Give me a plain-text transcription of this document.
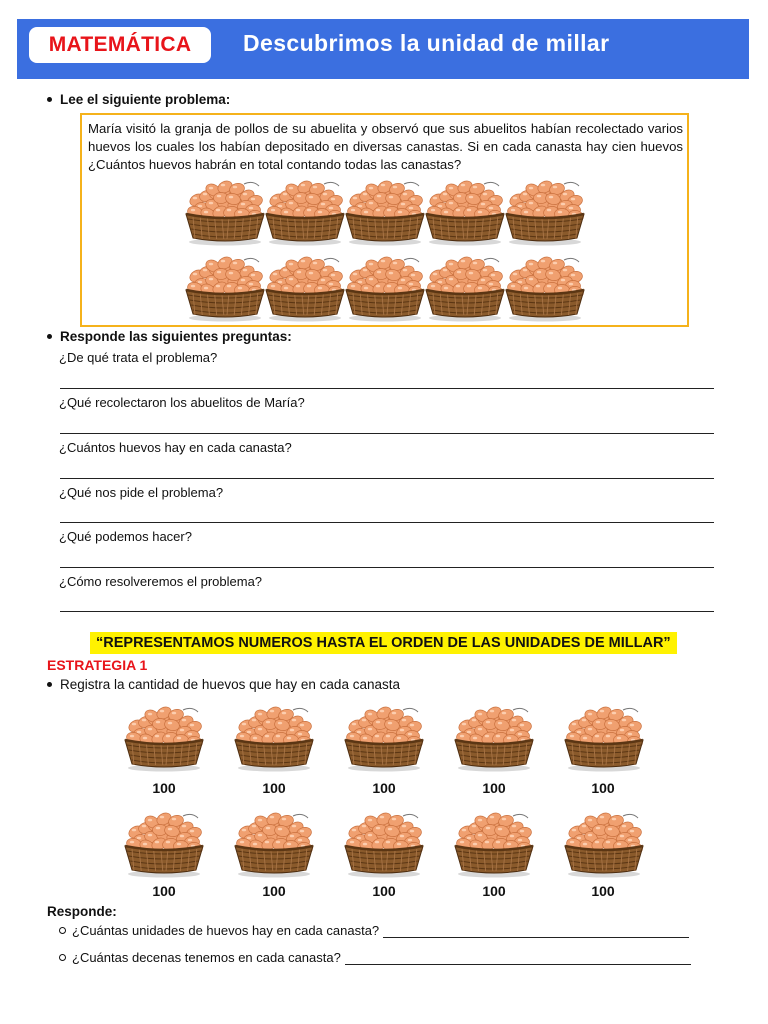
MATEMÁTICA	Descubrimos la unidad de millar
Lee el siguiente problema:
María visitó la granja de pollos de su abuelita y observó que sus abuelitos habían recolectado varios huevos los cuales los habían depositado en diversas canastas. Si en cada canasta hay cien huevos ¿Cuántos huevos habrán en total contando todas las canastas?
Responde las siguientes preguntas:
¿De qué trata el problema?
¿Qué recolectaron los abuelitos de María?
¿Cuántos huevos hay en cada canasta?
¿Qué nos pide el problema?
¿Qué podemos hacer?
¿Cómo resolveremos el problema?
“REPRESENTAMOS NUMEROS HASTA EL ORDEN DE LAS UNIDADES DE MILLAR”
ESTRATEGIA 1
Registra la cantidad de huevos que hay en cada canasta
100	100	100	100	100
100	100	100	100	100
Responde:
¿Cuántas unidades de huevos hay en cada canasta?
¿Cuántas decenas tenemos en cada canasta?
